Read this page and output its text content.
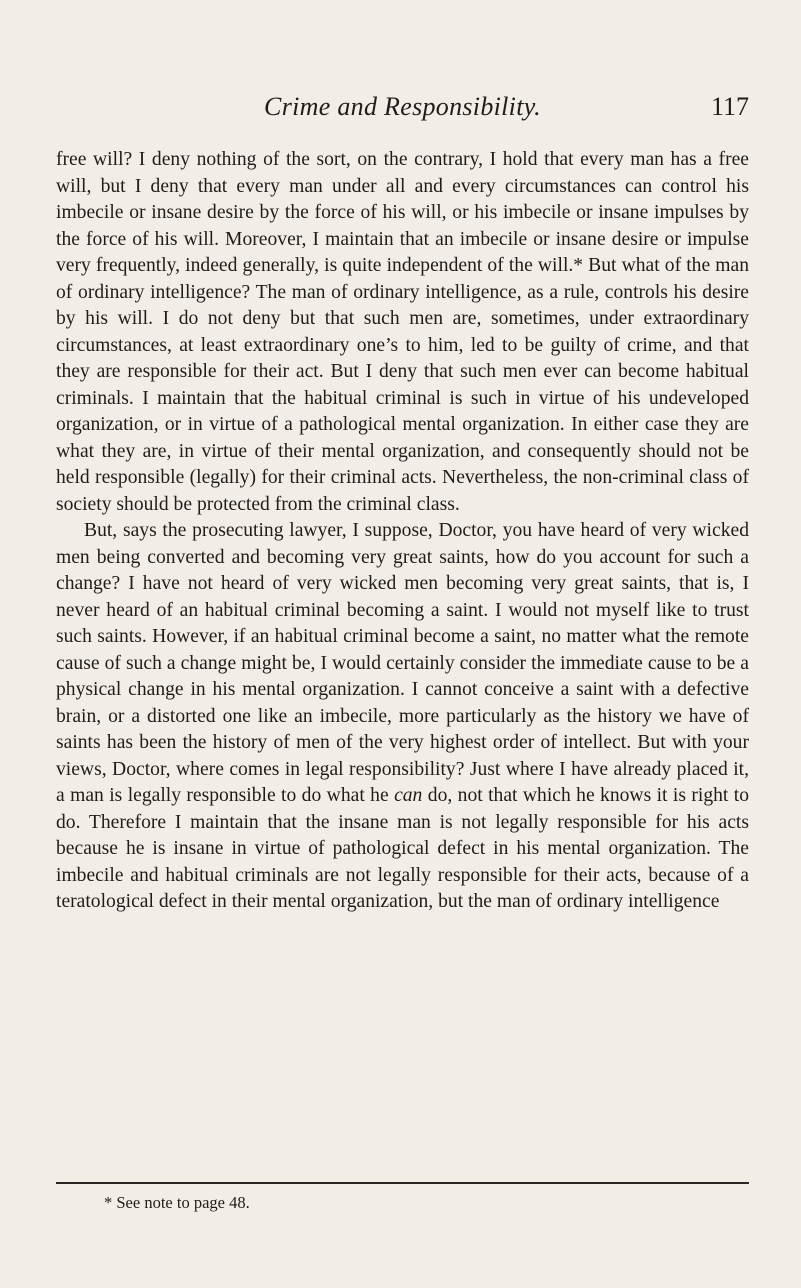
Crime and Responsibility.	117

free will? I deny nothing of the sort, on the contrary, I hold that every man has a free will, but I deny that every man under all and every circumstances can control his imbecile or insane desire by the force of his will, or his imbecile or insane impulses by the force of his will. Moreover, I maintain that an imbecile or insane desire or impulse very frequently, indeed generally, is quite independent of the will.* But what of the man of ordinary intelligence? The man of ordinary intelligence, as a rule, controls his desire by his will. I do not deny but that such men are, sometimes, under extraordinary circumstances, at least extraordinary one’s to him, led to be guilty of crime, and that they are responsible for their act. But I deny that such men ever can become habitual criminals. I maintain that the habitual criminal is such in virtue of his undeveloped organization, or in virtue of a pathological mental organization. In either case they are what they are, in virtue of their mental organization, and consequently should not be held responsible (legally) for their criminal acts. Nevertheless, the non-criminal class of society should be protected from the criminal class.

But, says the prosecuting lawyer, I suppose, Doctor, you have heard of very wicked men being converted and becoming very great saints, how do you account for such a change? I have not heard of very wicked men becoming very great saints, that is, I never heard of an habitual criminal becoming a saint. I would not myself like to trust such saints. However, if an habitual criminal become a saint, no matter what the remote cause of such a change might be, I would certainly consider the immediate cause to be a physical change in his mental organization. I cannot conceive a saint with a defective brain, or a distorted one like an imbecile, more particularly as the history we have of saints has been the history of men of the very highest order of intellect. But with your views, Doctor, where comes in legal responsibility? Just where I have already placed it, a man is legally responsible to do what he can do, not that which he knows it is right to do. Therefore I maintain that the insane man is not legally responsible for his acts because he is insane in virtue of pathological defect in his mental organization. The imbecile and habitual criminals are not legally responsible for their acts, because of a teratological defect in their mental organization, but the man of ordinary intelligence

* See note to page 48.
